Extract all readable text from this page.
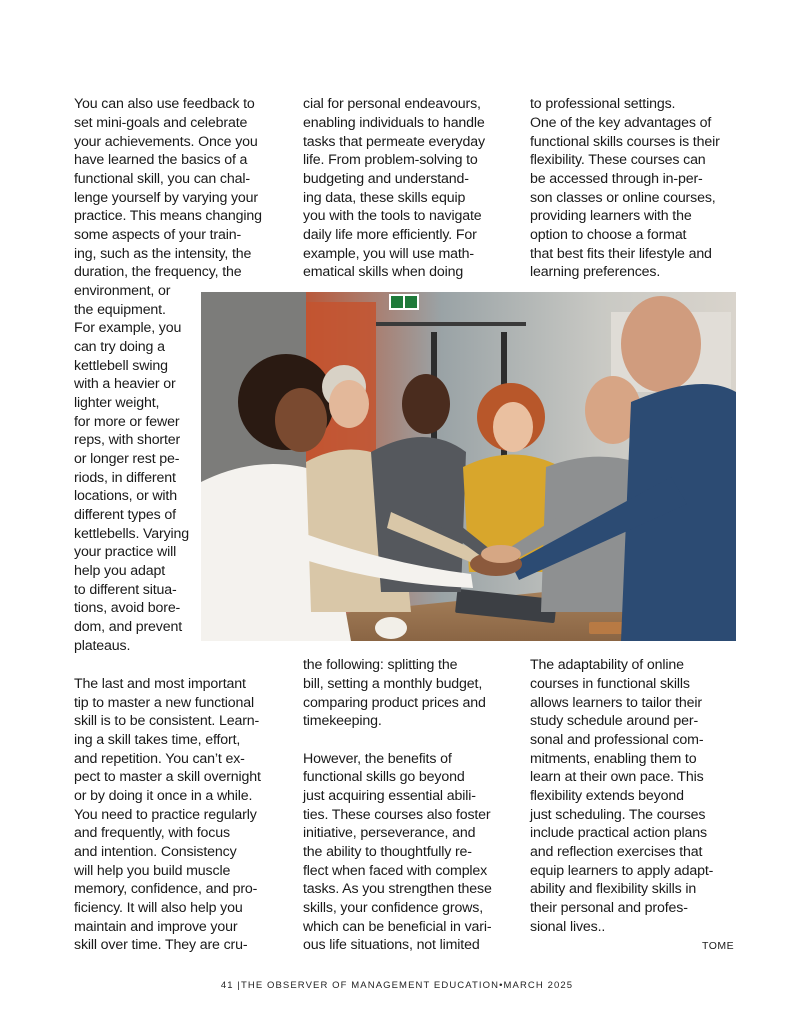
You can also use feedback to
set mini-goals and celebrate
your achievements. Once you
have learned the basics of a
functional skill, you can chal-
lenge yourself by varying your
practice. This means changing
some aspects of your train-
ing, such as the intensity, the
duration, the frequency, the
environment, or
the equipment.
For example, you
can try doing a
kettlebell swing
with a heavier or
lighter weight,
for more or fewer
reps, with shorter
or longer rest pe-
riods, in different
locations, or with
different types of
kettlebells. Varying
your practice will
help you adapt
to different situa-
tions, avoid bore-
dom, and prevent
plateaus.
cial for personal endeavours,
enabling individuals to handle
tasks that permeate everyday
life. From problem-solving to
budgeting and understand-
ing data, these skills equip
you with the tools to navigate
daily life more efficiently. For
example, you will use math-
ematical skills when doing
to professional settings.
One of the key advantages of
functional skills courses is their
flexibility. These courses can
be accessed through in-per-
son classes or online courses,
providing learners with the
option to choose a format
that best fits their lifestyle and
learning preferences.
The last and most important
tip to master a new functional
skill is to be consistent. Learn-
ing a skill takes time, effort,
and repetition. You can’t ex-
pect to master a skill overnight
or by doing it once in a while.
You need to practice regularly
and frequently, with focus
and intention. Consistency
will help you build muscle
memory, confidence, and pro-
ficiency. It will also help you
maintain and improve your
skill over time. They are cru-
the following: splitting the
bill, setting a monthly budget,
comparing product prices and
timekeeping.
However, the benefits of
functional skills go beyond
just acquiring essential abili-
ties. These courses also foster
initiative, perseverance, and
the ability to thoughtfully re-
flect when faced with complex
tasks. As you strengthen these
skills, your confidence grows,
which can be beneficial in vari-
ous life situations, not limited
The adaptability of online
courses in functional skills
allows learners to tailor their
study schedule around per-
sonal and professional com-
mitments, enabling them to
learn at their own pace. This
flexibility extends beyond
just scheduling. The courses
include practical action plans
and reflection exercises that
equip learners to apply adapt-
ability and flexibility skills in
their personal and profes-
sional lives..
TOME
41 |THE OBSERVER OF MANAGEMENT EDUCATION•MARCH 2025
